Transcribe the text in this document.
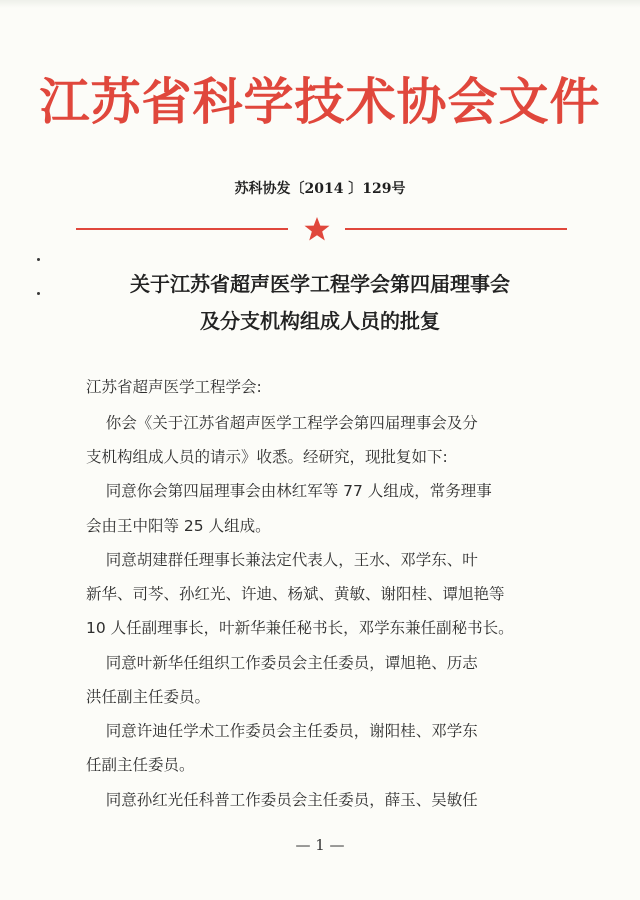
江苏省科学技术协会文件
苏科协发〔2014 〕129号
关于江苏省超声医学工程学会第四届理事会
及分支机构组成人员的批复
江苏省超声医学工程学会:
你会《关于江苏省超声医学工程学会第四届理事会及分
支机构组成人员的请示》收悉。经研究，现批复如下:
同意你会第四届理事会由林红军等 77 人组成，常务理事
会由王中阳等 25 人组成。
同意胡建群任理事长兼法定代表人，王水、邓学东、叶
新华、司芩、孙红光、许迪、杨斌、黄敏、谢阳桂、谭旭艳等
10 人任副理事长，叶新华兼任秘书长，邓学东兼任副秘书长。
同意叶新华任组织工作委员会主任委员，谭旭艳、历志
洪任副主任委员。
同意许迪任学术工作委员会主任委员，谢阳桂、邓学东
任副主任委员。
同意孙红光任科普工作委员会主任委员，薛玉、吴敏任
— 1 —
